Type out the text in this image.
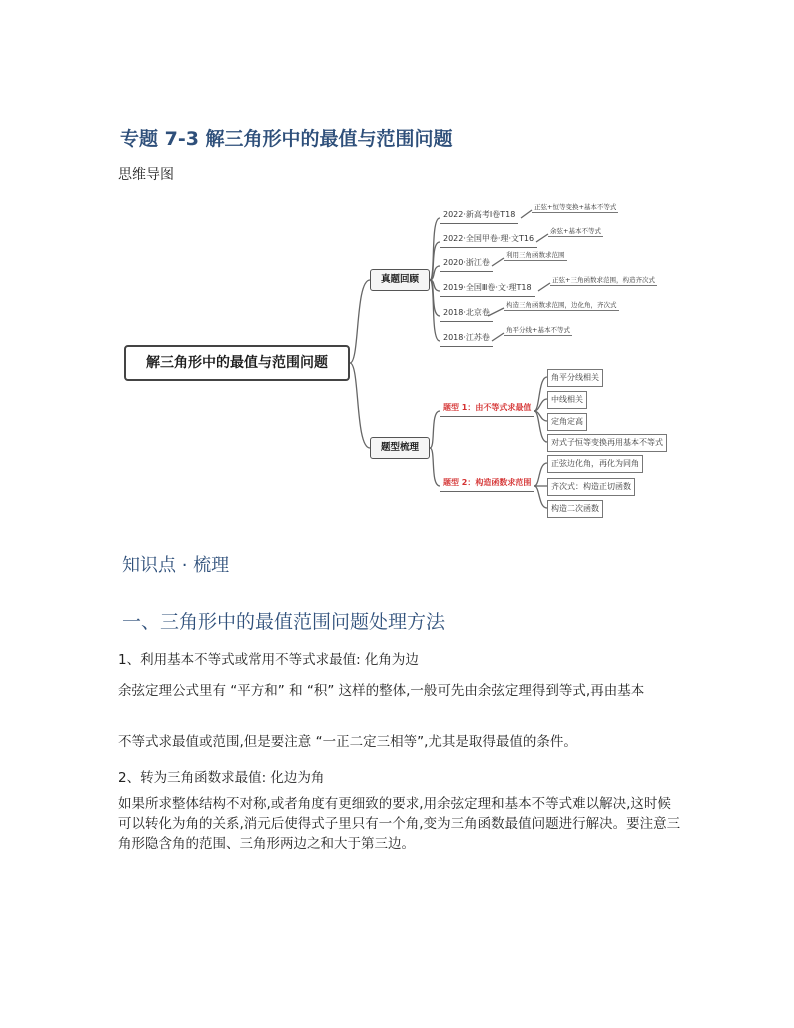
专题 7-3 解三角形中的最值与范围问题
思维导图
解三角形中的最值与范围问题
真题回顾
题型梳理
2022·新高考Ⅰ卷T18
2022·全国甲卷·理·文T16
2020·浙江卷
2019·全国Ⅲ卷·文·理T18
2018·北京卷
2018·江苏卷
正弦+恒等变换+基本不等式
余弦+基本不等式
利用三角函数求范围
正弦+三角函数求范围，构造齐次式
构造三角函数求范围，边化角，齐次式
角平分线+基本不等式
题型 1：由不等式求最值
题型 2：构造函数求范围
角平分线相关
中线相关
定角定高
对式子恒等变换再用基本不等式
正弦边化角，再化为同角
齐次式：构造正切函数
构造二次函数
知识点 · 梳理
一、三角形中的最值范围问题处理方法
1、利用基本不等式或常用不等式求最值: 化角为边
余弦定理公式里有 “平方和” 和 “积” 这样的整体,一般可先由余弦定理得到等式,再由基本
不等式求最值或范围,但是要注意 “一正二定三相等”,尤其是取得最值的条件。
2、转为三角函数求最值: 化边为角
如果所求整体结构不对称,或者角度有更细致的要求,用余弦定理和基本不等式难以解决,这时候可以转化为角的关系,消元后使得式子里只有一个角,变为三角函数最值问题进行解决。要注意三角形隐含角的范围、三角形两边之和大于第三边。
